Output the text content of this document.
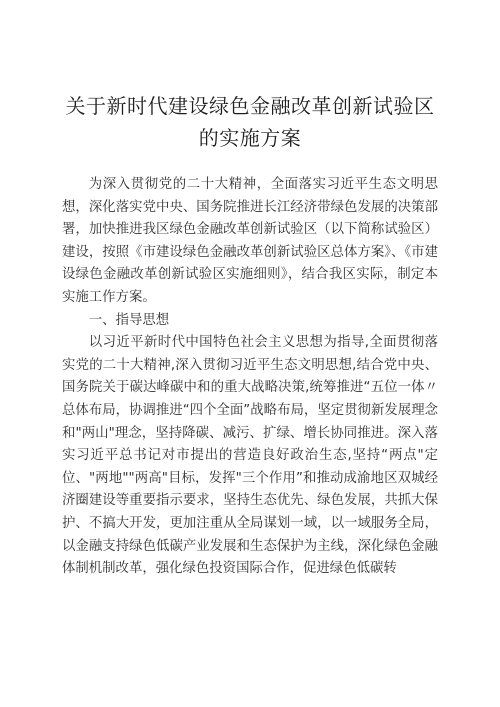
关于新时代建设绿色金融改革创新试验区的实施方案

为深入贯彻党的二十大精神，全面落实习近平生态文明思想，深化落实党中央、国务院推进长江经济带绿色发展的决策部署，加快推进我区绿色金融改革创新试验区（以下简称试验区）建设，按照《市建设绿色金融改革创新试验区总体方案》、《市建设绿色金融改革创新试验区实施细则》，结合我区实际，制定本实施工作方案。

一、指导思想

以习近平新时代中国特色社会主义思想为指导,全面贯彻落实党的二十大精神,深入贯彻习近平生态文明思想,结合党中央、国务院关于碳达峰碳中和的重大战略决策,统筹推进“五位一体〃总体布局，协调推进“四个全面”战略布局，坚定贯彻新发展理念和"两山"理念，坚持降碳、减污、扩绿、增长协同推进。深入落实习近平总书记对市提出的营造良好政治生态,坚持“两点"定位、"两地""两高"目标，发挥"三个作用”和推动成渝地区双城经济圈建设等重要指示要求，坚持生态优先、绿色发展，共抓大保护、不搞大开发，更加注重从全局谋划一域，以一域服务全局，以金融支持绿色低碳产业发展和生态保护为主线，深化绿色金融体制机制改革，强化绿色投资国际合作，促进绿色低碳转
